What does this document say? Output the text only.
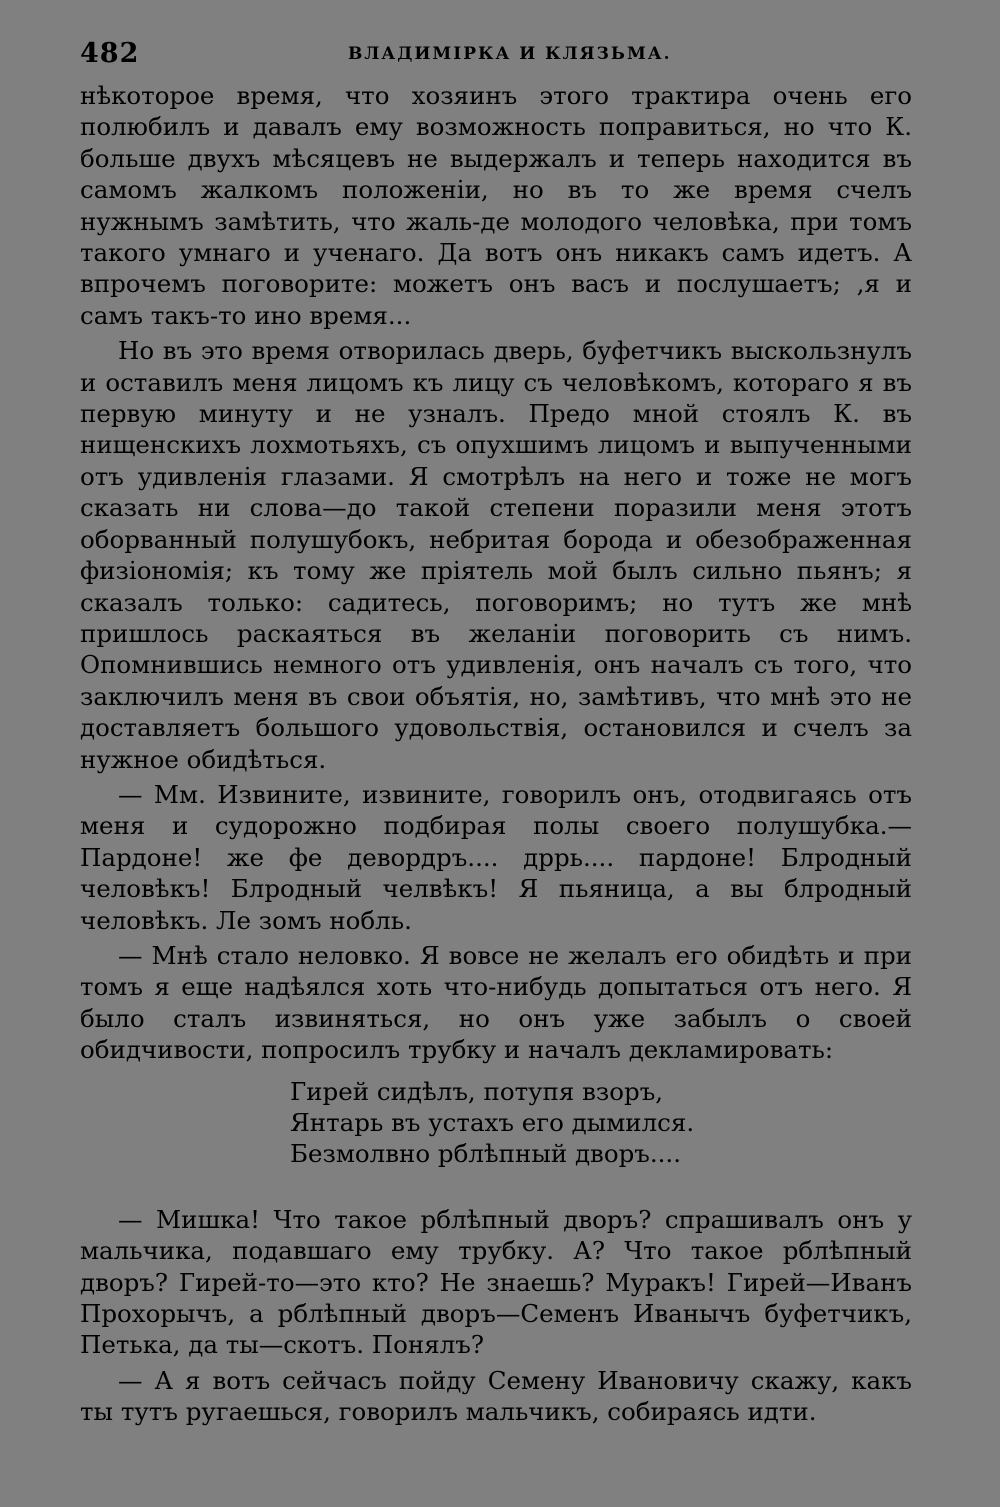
482	ВЛАДИМІРКА И КЛЯЗЬМА.

нѣкоторое время, что хозяинъ этого трактира очень его полюбилъ и давалъ ему возможность поправиться, но что К. больше двухъ мѣсяцевъ не выдержалъ и теперь находится въ самомъ жалкомъ положеніи, но въ то же время счелъ нужнымъ замѣтить, что жаль-де молодого человѣка, при томъ такого умнаго и ученаго. Да вотъ онъ никакъ самъ идетъ. А впрочемъ поговорите: можетъ онъ васъ и послушаетъ; ,я и самъ такъ-то ино время...

Но въ это время отворилась дверь, буфетчикъ выскользнулъ и оставилъ меня лицомъ къ лицу съ человѣкомъ, котораго я въ первую минуту и не узналъ. Предо мной стоялъ К. въ нищенскихъ лохмотьяхъ, съ опухшимъ лицомъ и выпученными отъ удивленія глазами. Я смотрѣлъ на него и тоже не могъ сказать ни слова—до такой степени поразили меня этотъ оборванный полушубокъ, небритая борода и обезображенная физіономія; къ тому же пріятель мой былъ сильно пьянъ; я сказалъ только: садитесь, поговоримъ; но тутъ же мнѣ пришлось раскаяться въ желаніи поговорить съ нимъ. Опомнившись немного отъ удивленія, онъ началъ съ того, что заключилъ меня въ свои объятія, но, замѣтивъ, что мнѣ это не доставляетъ большого удовольствія, остановился и счелъ за нужное обидѣться.

— Мм. Извините, извините, говорилъ онъ, отодвигаясь отъ меня и судорожно подбирая полы своего полушубка.—Пардоне! же фе девордръ.... дррь.... пардоне! Блродный человѣкъ! Блродный челвѣкъ! Я пьяница, а вы блродный человѣкъ. Ле зомъ нобль.

— Мнѣ стало неловко. Я вовсе не желалъ его обидѣть и при томъ я еще надѣялся хоть что-нибудь допытаться отъ него. Я было сталъ извиняться, но онъ уже забылъ о своей обидчивости, попросилъ трубку и началъ декламировать:

Гирей сидѣлъ, потупя взоръ,
Янтарь въ устахъ его дымился.
Безмолвно рблѣпный дворъ....

— Мишка! Что такое рблѣпный дворъ? спрашивалъ онъ у мальчика, подавшаго ему трубку. А? Что такое рблѣпный дворъ? Гирей-то—это кто? Не знаешь? Муракъ! Гирей—Иванъ Прохорычъ, а рблѣпный дворъ—Семенъ Иванычъ буфетчикъ, Петька, да ты—скотъ. Понялъ?

— А я вотъ сейчасъ пойду Семену Ивановичу скажу, какъ ты тутъ ругаешься, говорилъ мальчикъ, собираясь идти.
